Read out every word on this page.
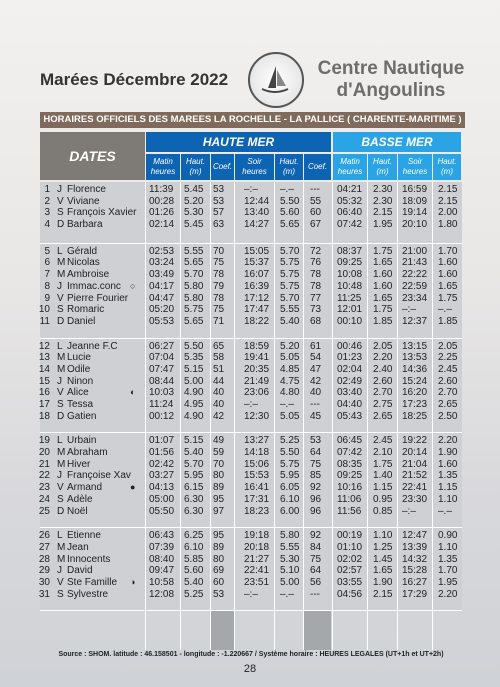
Marées Décembre 2022
Centre Nautique
d'Angoulins
HORAIRES OFFICIELS DES MAREES LA ROCHELLE - LA PALLICE ( CHARENTE-MARITIME )
DATES
HAUTE MER	BASSE MER
Matin heures
Haut. (m)
Coef.
Soir heures
Haut. (m)
Coef.
Matin heures
Haut. (m)
Soir heures
Haut. (m)
1 J Florence	11:39 5.45 53 –:– –.– --- 04:21 2.30 16:59 2.15
2 V Viviane	00:28 5.20 53 12:44 5.50 55 05:32 2.30 18:09 2.15
3 S François Xavier 01:26 5.30 57 13:40 5.60 60 06:40 2.15 19:14 2.00
4 D Barbara	02:14 5.45 63 14:27 5.65 67 07:42 1.95 20:10 1.80
5 L Gérald	02:53 5.55 70 15:05 5.70 72 08:37 1.75 21:00 1.70
6 M Nicolas	03:24 5.65 75 15:37 5.75 76 09:25 1.65 21:43 1.60
7 M Ambroise	03:49 5.70 78 16:07 5.75 78 10:08 1.60 22:22 1.60
8 J Immac.conc ○ 04:17 5.80 79 16:39 5.75 78 10:48 1.60 22:59 1.65
9 V Pierre Fourier 04:47 5.80 78 17:12 5.70 77 11:25 1.65 23:34 1.75
10 S Romaric	05:20 5.75 75 17:47 5.55 73 12:01 1.75 –:– –.–
11 D Daniel	05:53 5.65 71 18:22 5.40 68 00:10 1.85 12:37 1.85
12 L Jeanne F.C	06:27 5.50 65 18:59 5.20 61 00:46 2.05 13:15 2.05
13 M Lucie	07:04 5.35 58 19:41 5.05 54 01:23 2.20 13:53 2.25
14 M Odile	07:47 5.15 51 20:35 4.85 47 02:04 2.40 14:36 2.45
15 J Ninon	08:44 5.00 44 21:49 4.75 42 02:49 2.60 15:24 2.60
16 V Alice	◐ 10:03 4.90 40 23:06 4.80 40 03:40 2.70 16:20 2.70
17 S Tessa	11:24 4.95 40 –:– –.– --- 04:40 2.75 17:23 2.65
18 D Gatien	00:12 4.90 42 12:30 5.05 45 05:43 2.65 18:25 2.50
19 L Urbain	01:07 5.15 49 13:27 5.25 53 06:45 2.45 19:22 2.20
20 M Abraham	01:56 5.40 59 14:18 5.50 64 07:42 2.10 20:14 1.90
21 M Hiver	02:42 5.70 70 15:06 5.75 75 08:35 1.75 21:04 1.60
22 J Françoise Xav 03:27 5.95 80 15:53 5.95 85 09:25 1.40 21:52 1.35
23 V Armand	● 04:13 6.15 89 16:41 6.05 92 10:16 1.15 22:41 1.15
24 S Adèle	05:00 6.30 95 17:31 6.10 96 11:06 0.95 23:30 1.10
25 D Noël	05:50 6.30 97 18:23 6.00 96 11:56 0.85 –:– –.–
26 L Etienne	06:43 6.25 95 19:18 5.80 92 00:19 1.10 12:47 0.90
27 M Jean	07:39 6.10 89 20:18 5.55 84 01:10 1.25 13:39 1.10
28 M Innocents	08:40 5.85 80 21:27 5.30 75 02:02 1.45 14:32 1.35
29 J David	09:47 5.60 69 22:41 5.10 64 02:57 1.65 15:28 1.70
30 V Ste Famille ◑ 10:58 5.40 60 23:51 5.00 56 03:55 1.90 16:27 1.95
31 S Sylvestre	12:08 5.25 53 –:– –.– --- 04:56 2.15 17:29 2.20
Source : SHOM. latitude : 46.158501 - longitude : -1.220667 / Système horaire : HEURES LEGALES (UT+1h et UT+2h)
28
